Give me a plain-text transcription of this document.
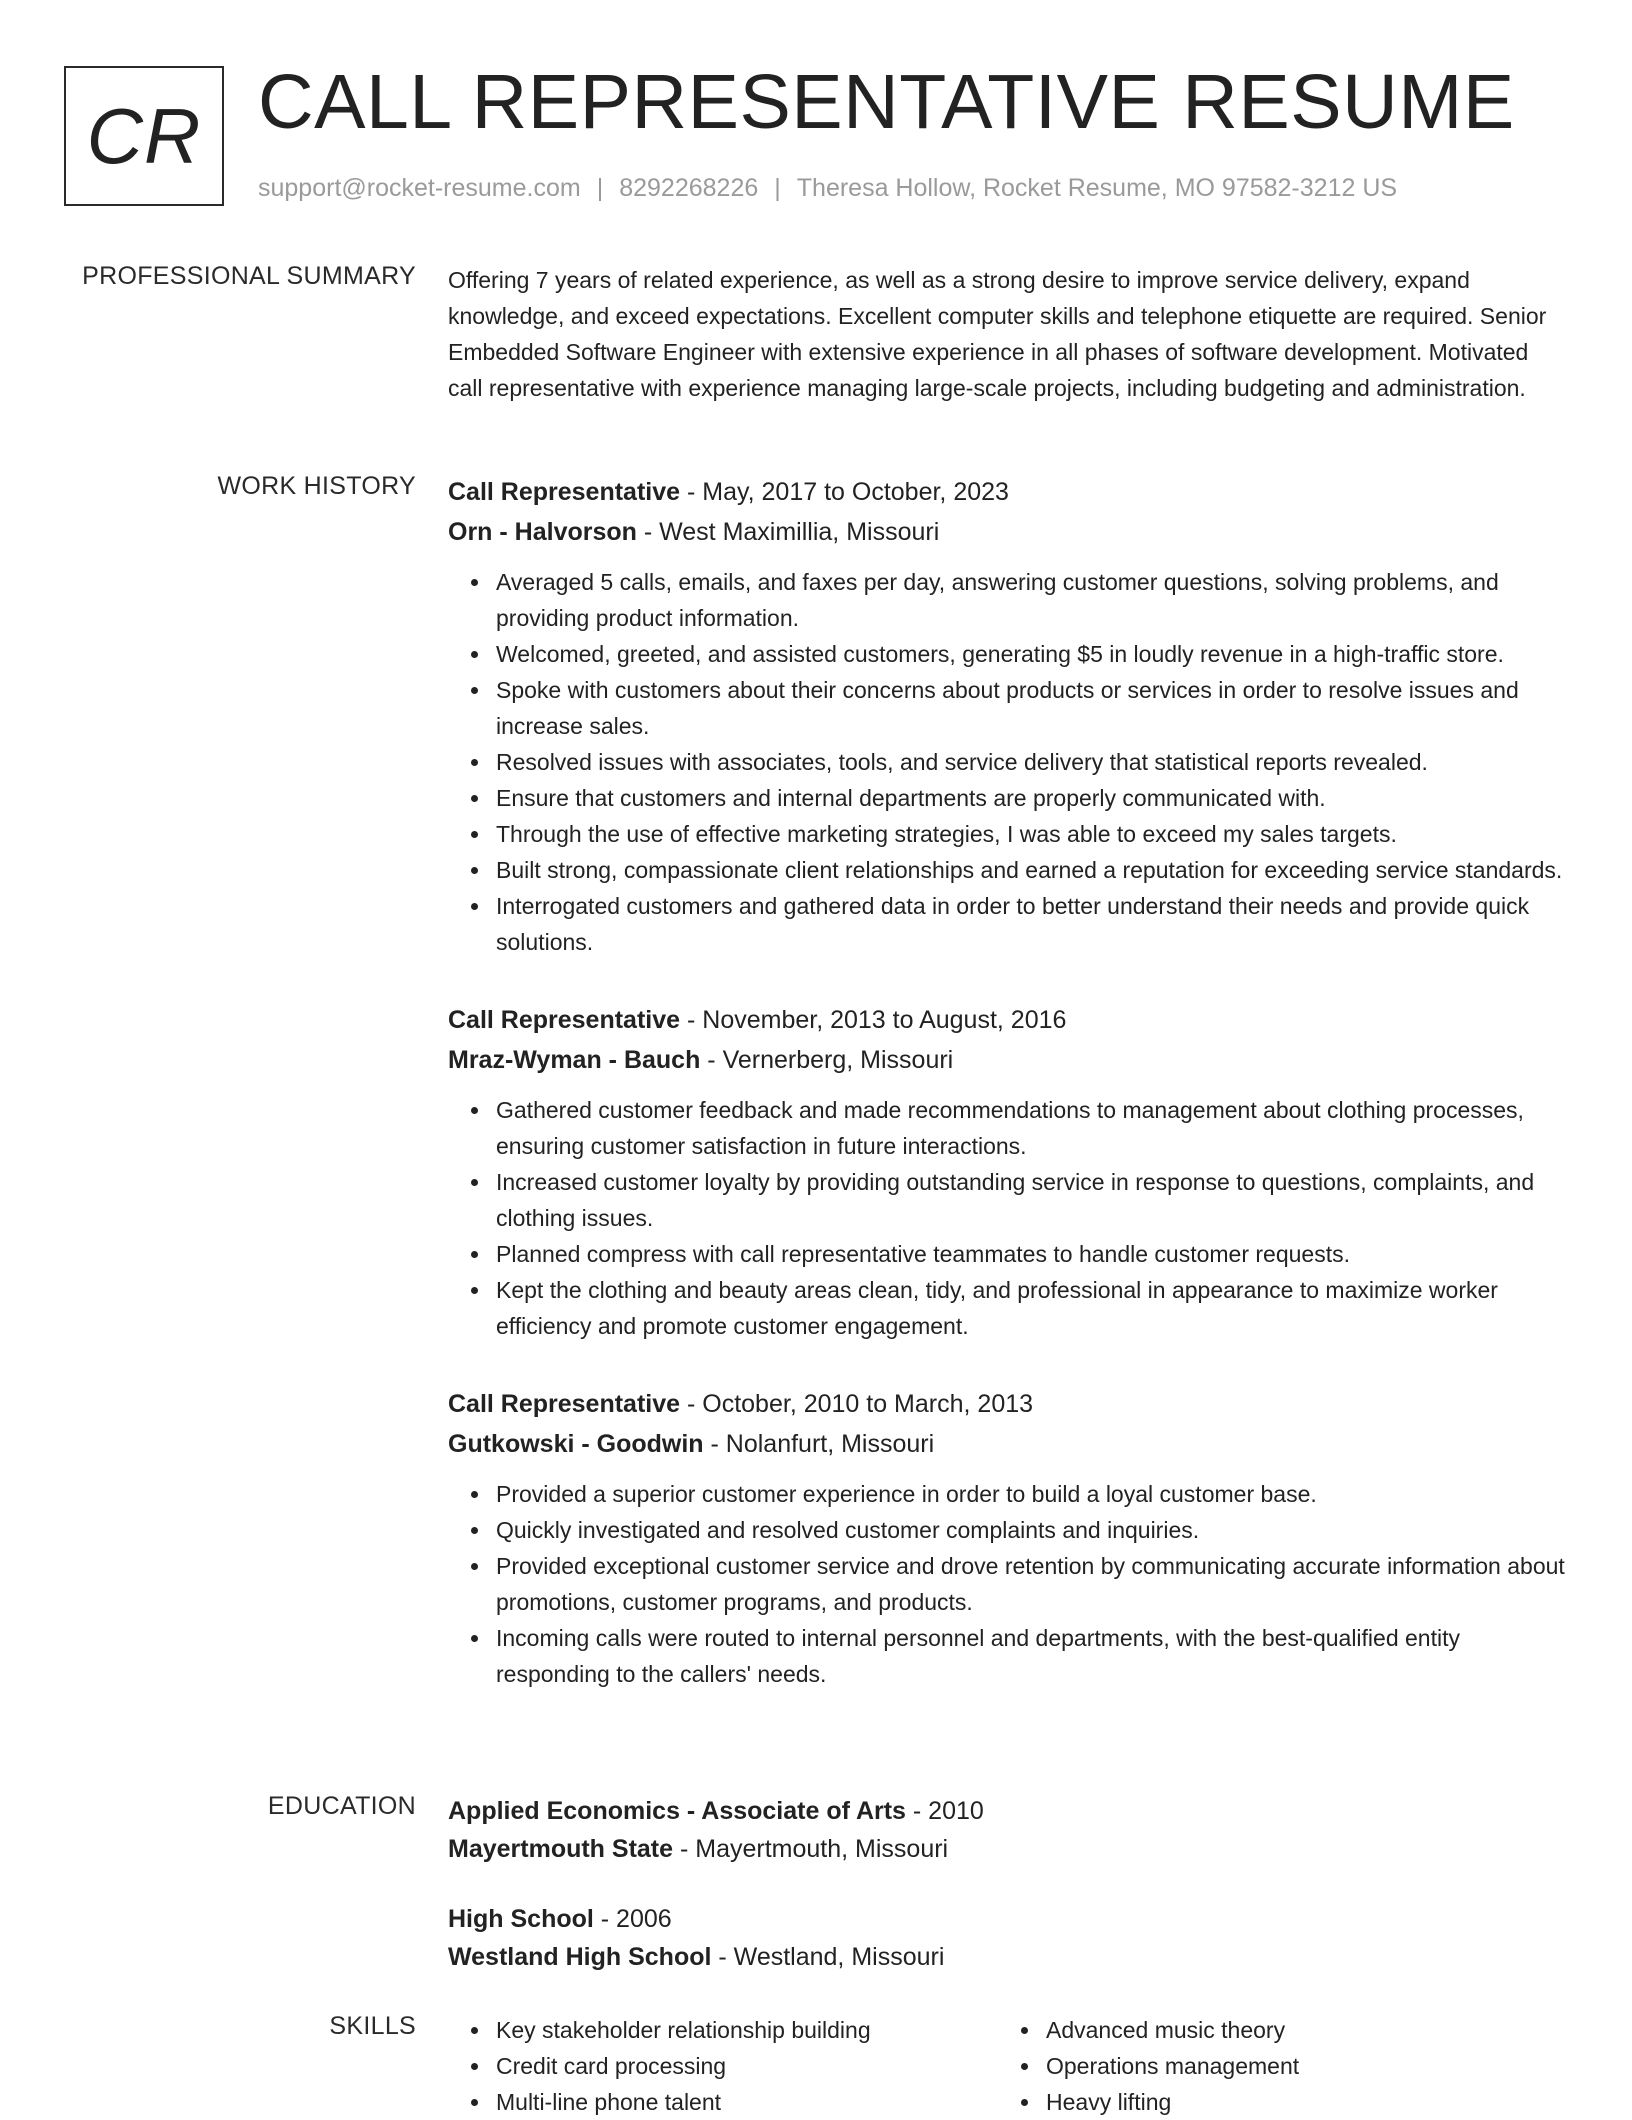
CR CALL REPRESENTATIVE RESUME
support@rocket-resume.com | 8292268226 | Theresa Hollow, Rocket Resume, MO 97582-3212 US
PROFESSIONAL SUMMARY Offering 7 years of related experience, as well as a strong desire to improve service delivery, expand knowledge, and exceed expectations. Excellent computer skills and telephone etiquette are required. Senior Embedded Software Engineer with extensive experience in all phases of software development. Motivated call representative with experience managing large-scale projects, including budgeting and administration.

WORK HISTORY Call Representative - May, 2017 to October, 2023

Orn - Halvorson - West Maximillia, Missouri

• Averaged 5 calls, emails, and faxes per day, answering customer questions, solving problems, and providing product information.
• Welcomed, greeted, and assisted customers, generating $5 in loudly revenue in a high-traffic store.
• Spoke with customers about their concerns about products or services in order to resolve issues and increase sales.
• Resolved issues with associates, tools, and service delivery that statistical reports revealed.
• Ensure that customers and internal departments are properly communicated with.
• Through the use of effective marketing strategies, I was able to exceed my sales targets.
• Built strong, compassionate client relationships and earned a reputation for exceeding service standards.
• Interrogated customers and gathered data in order to better understand their needs and provide quick solutions.

Call Representative - November, 2013 to August, 2016

Mraz-Wyman - Bauch - Vernerberg, Missouri

• Gathered customer feedback and made recommendations to management about clothing processes, ensuring customer satisfaction in future interactions.
• Increased customer loyalty by providing outstanding service in response to questions, complaints, and clothing issues.
• Planned compress with call representative teammates to handle customer requests.
• Kept the clothing and beauty areas clean, tidy, and professional in appearance to maximize worker efficiency and promote customer engagement.

Call Representative - October, 2010 to March, 2013

Gutkowski - Goodwin - Nolanfurt, Missouri

• Provided a superior customer experience in order to build a loyal customer base.
• Quickly investigated and resolved customer complaints and inquiries.
• Provided exceptional customer service and drove retention by communicating accurate information about promotions, customer programs, and products.
• Incoming calls were routed to internal personnel and departments, with the best-qualified entity responding to the callers' needs.
EDUCATION Applied Economics - Associate of Arts - 2010

Mayertmouth State - Mayertmouth, Missouri

High School - 2006

Westland High School - Westland, Missouri

SKILLS
•	Key stakeholder relationship building
• Credit card processing
• Multi-line phone talent
• Advanced music theory
• Operations management
• Heavy lifting
